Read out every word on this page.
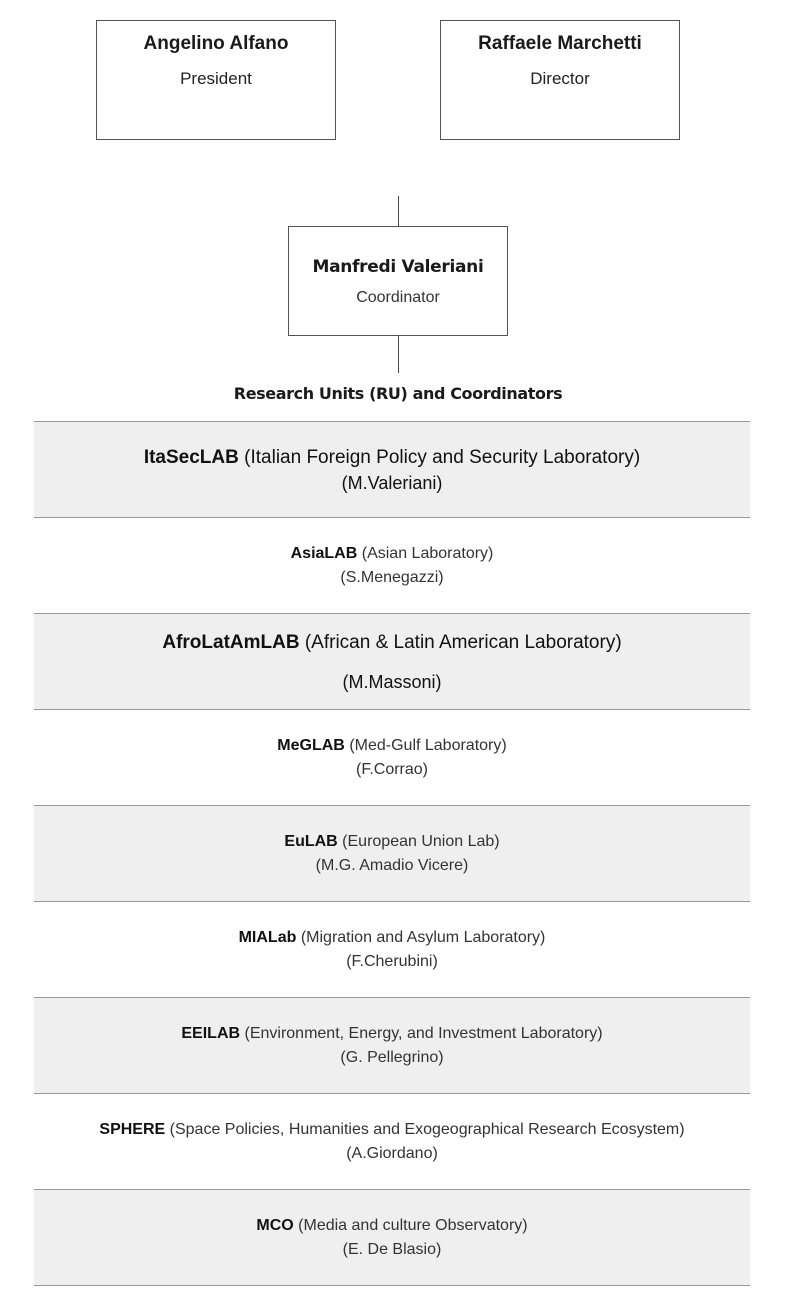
Angelino Alfano
President
Raffaele Marchetti
Director
Manfredi Valeriani
Coordinator
Research Units (RU) and Coordinators
ItaSecLAB (Italian Foreign Policy and Security Laboratory)
(M.Valeriani)
AsiaLAB (Asian Laboratory)
(S.Menegazzi)
AfroLatAmLAB (African & Latin American Laboratory)
(M.Massoni)
MeGLAB (Med-Gulf Laboratory)
(F.Corrao)
EuLAB (European Union Lab)
(M.G. Amadio Vicere)
MIALab (Migration and Asylum Laboratory)
(F.Cherubini)
EEILAB (Environment, Energy, and Investment Laboratory)
(G. Pellegrino)
SPHERE (Space Policies, Humanities and Exogeographical Research Ecosystem)
(A.Giordano)
MCO (Media and culture Observatory)
(E. De Blasio)
